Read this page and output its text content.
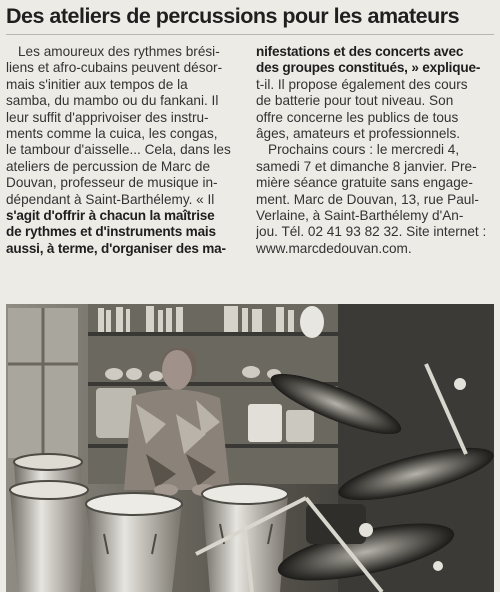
Des ateliers de percussions pour les amateurs
Les amoureux des rythmes brési-
liens et afro-cubains peuvent désor-
mais s'initier aux tempos de la
samba, du mambo ou du fankani. Il
leur suffit d'apprivoiser des instru-
ments comme la cuica, les congas,
le tambour d'aisselle... Cela, dans les
ateliers de percussion de Marc de
Douvan, professeur de musique in-
dépendant à Saint-Barthélemy. « Il
s'agit d'offrir à chacun la maîtrise
de rythmes et d'instruments mais
aussi, à terme, d'organiser des ma-
nifestations et des concerts avec
des groupes constitués, » explique-
t-il. Il propose également des cours
de batterie pour tout niveau. Son
offre concerne les publics de tous
âges, amateurs et professionnels.
Prochains cours : le mercredi 4,
samedi 7 et dimanche 8 janvier. Pre-
mière séance gratuite sans engage-
ment. Marc de Douvan, 13, rue Paul-
Verlaine, à Saint-Barthélemy d'An-
jou. Tél. 02 41 93 82 32. Site internet :
www.marcdedouvan.com.
